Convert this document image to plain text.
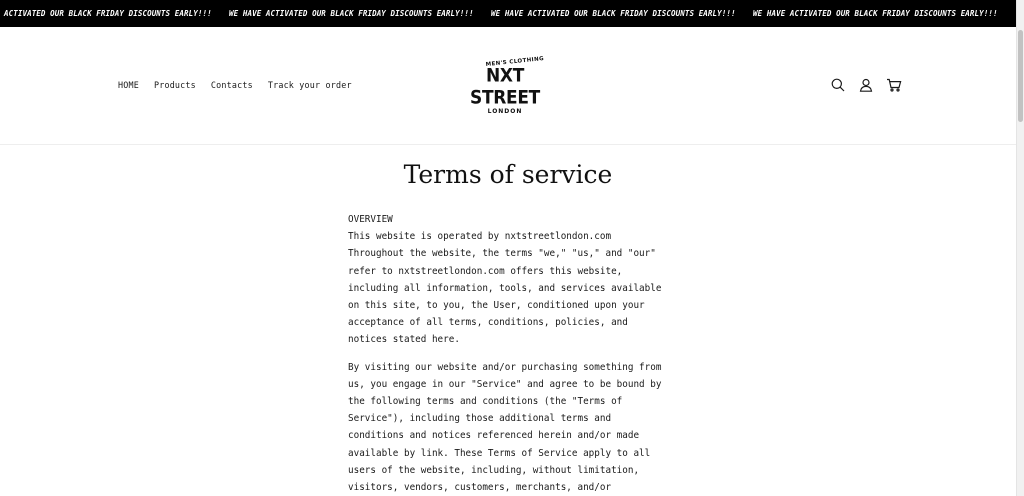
ACTIVATED OUR BLACK FRIDAY DISCOUNTS EARLY!!! WE HAVE ACTIVATED OUR BLACK FRIDAY DISCOUNTS EARLY!!! WE HAVE ACTIVATED OUR BLACK FRIDAY DISCOUNTS EARLY!!! WE HAVE ACTIVATED OUR BLACK FRIDAY DISCOUNTS EARLY!!!
HOME Products Contacts Track your order
MEN'S CLOTHING
NXT STREET
LONDON
Terms of service

OVERVIEW
This website is operated by nxtstreetlondon.com
Throughout the website, the terms "we," "us," and "our"
refer to nxtstreetlondon.com offers this website,
including all information, tools, and services available
on this site, to you, the User, conditioned upon your
acceptance of all terms, conditions, policies, and
notices stated here.

By visiting our website and/or purchasing something from
us, you engage in our "Service" and agree to be bound by
the following terms and conditions (the "Terms of
Service"), including those additional terms and
conditions and notices referenced herein and/or made
available by link. These Terms of Service apply to all
users of the website, including, without limitation,
visitors, vendors, customers, merchants, and/or
